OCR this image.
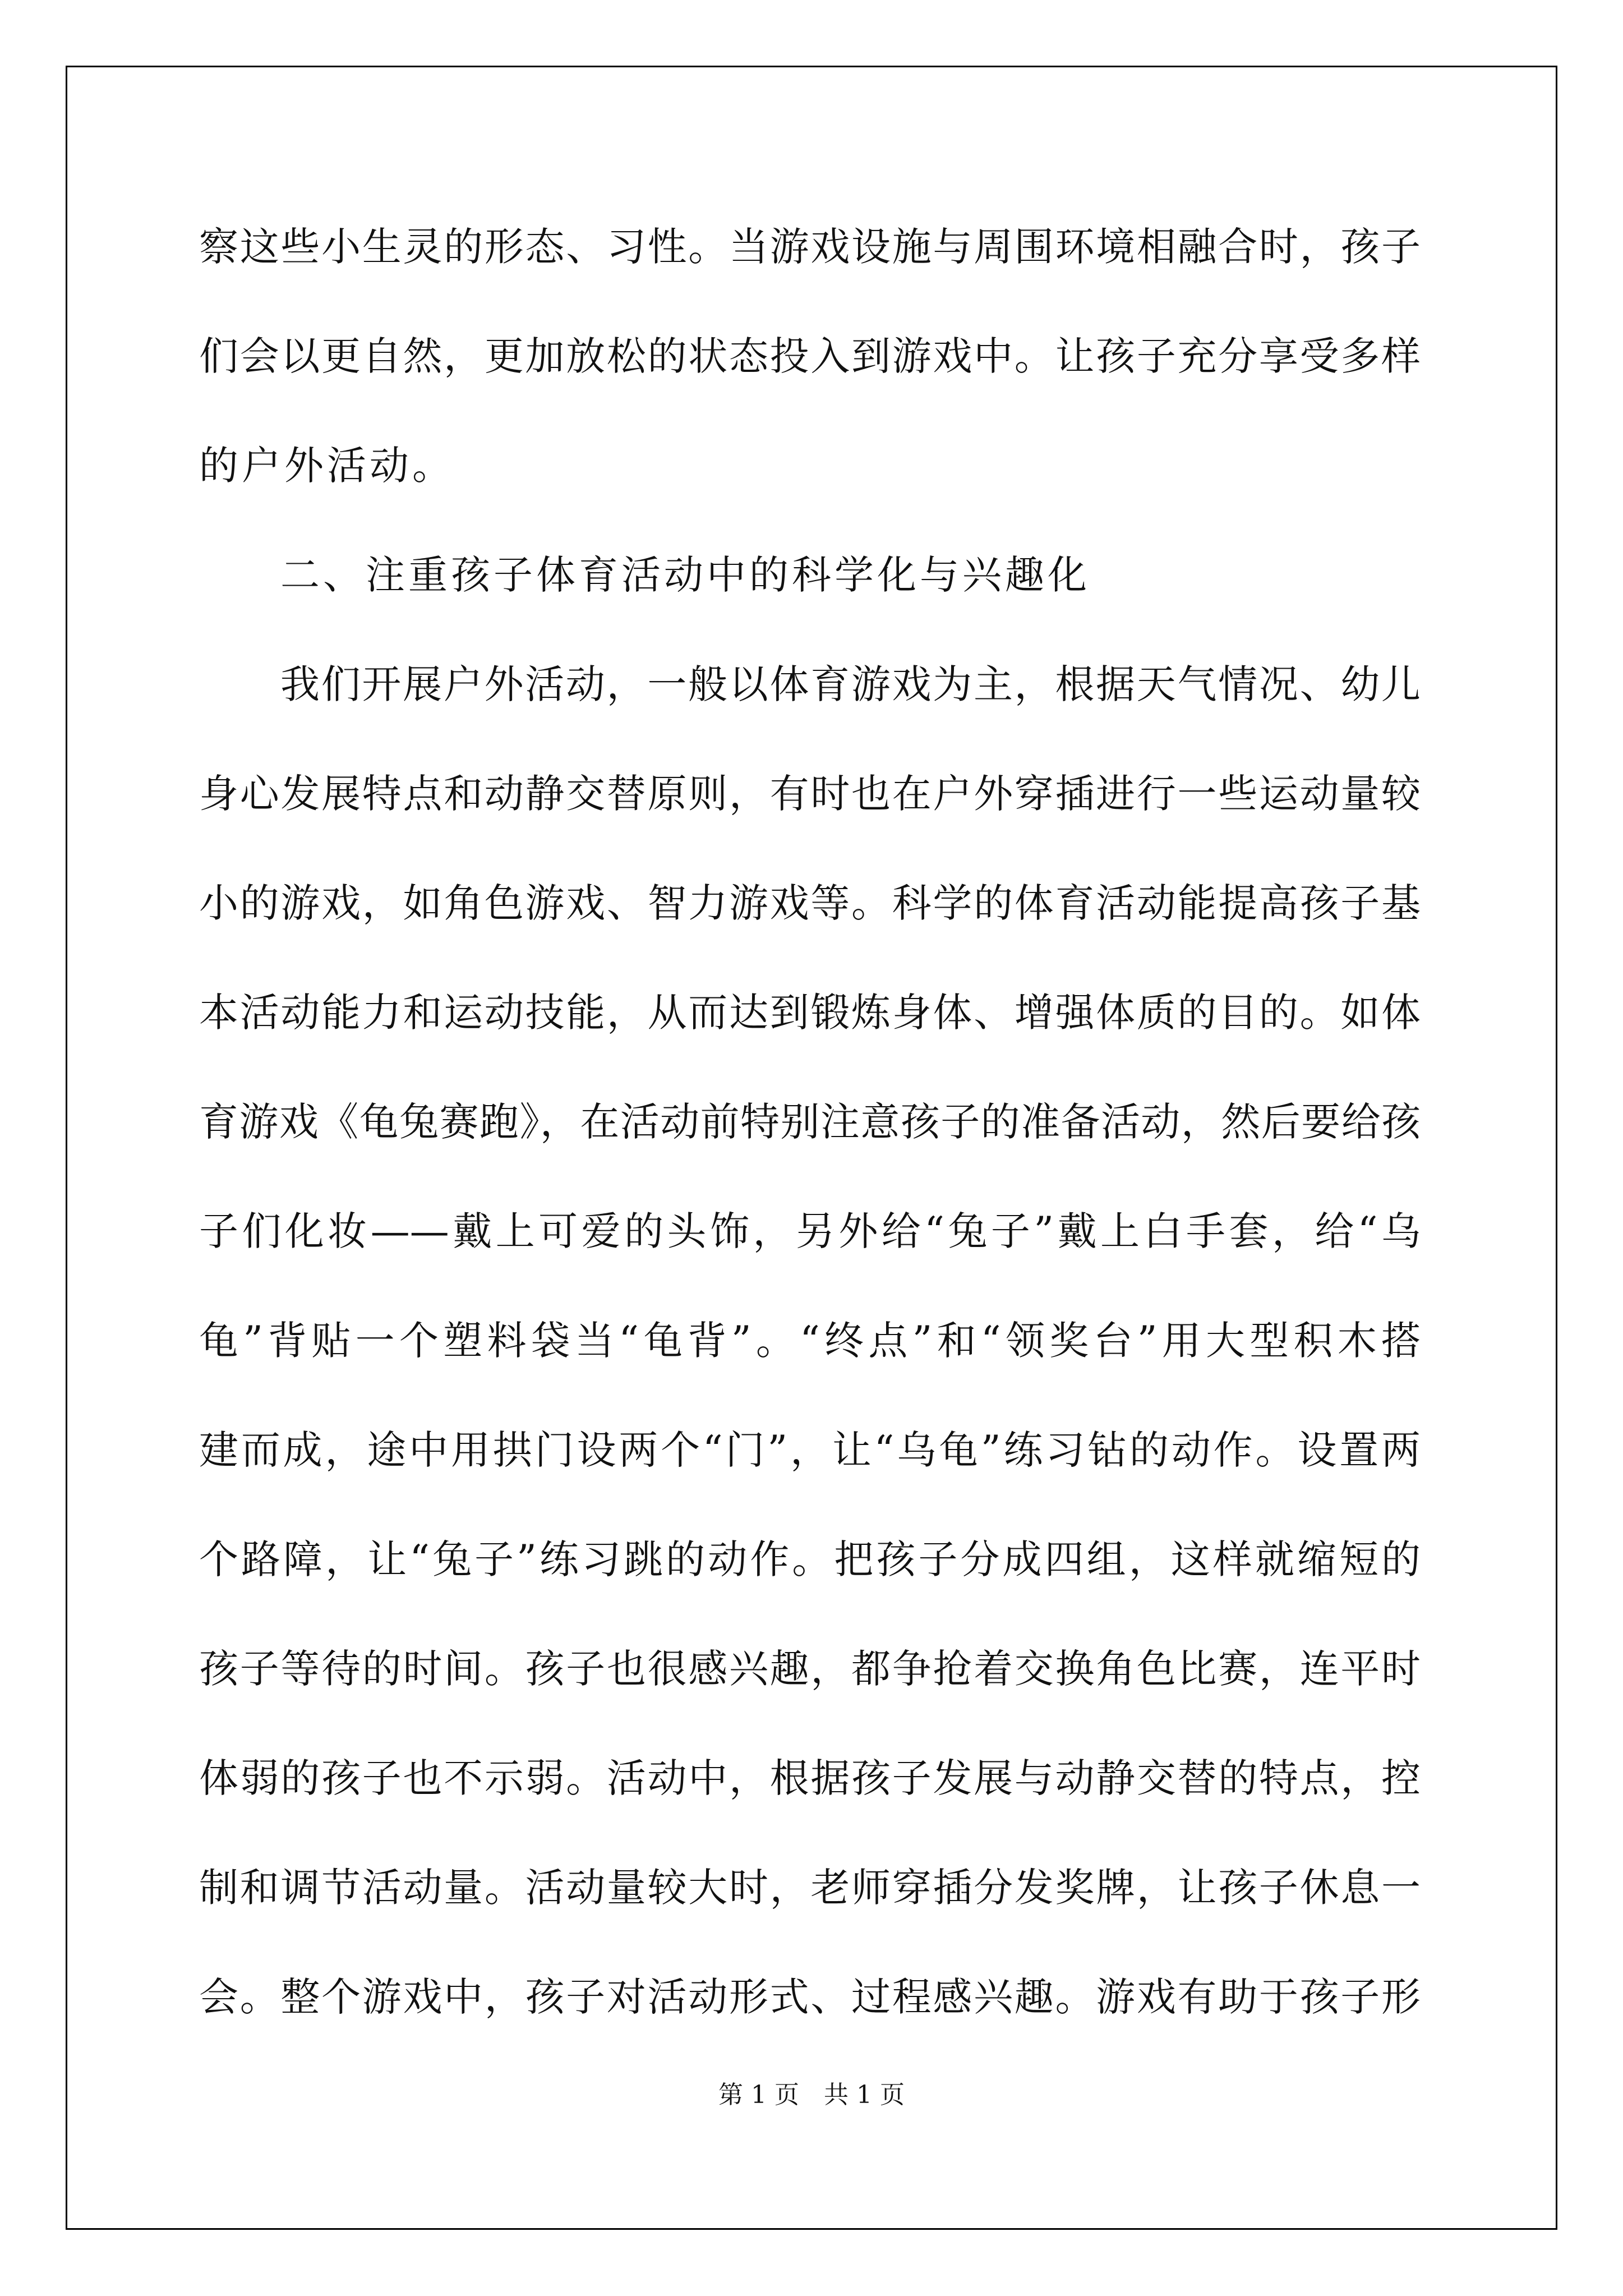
察这些小生灵的形态、习性。当游戏设施与周围环境相融合时，孩子
们会以更自然，更加放松的状态投入到游戏中。让孩子充分享受多样
的户外活动。
二、注重孩子体育活动中的科学化与兴趣化
我们开展户外活动，一般以体育游戏为主，根据天气情况、幼儿
身心发展特点和动静交替原则，有时也在户外穿插进行一些运动量较
小的游戏，如角色游戏、智力游戏等。科学的体育活动能提高孩子基
本活动能力和运动技能，从而达到锻炼身体、增强体质的目的。如体
育游戏《龟兔赛跑》，在活动前特别注意孩子的准备活动，然后要给孩
子们化妆——戴上可爱的头饰，另外给“兔子”戴上白手套，给“乌
龟”背贴一个塑料袋当“龟背”。“终点”和“领奖台”用大型积木搭
建而成，途中用拱门设两个“门”，让“乌龟”练习钻的动作。设置两
个路障，让“兔子”练习跳的动作。把孩子分成四组，这样就缩短的
孩子等待的时间。孩子也很感兴趣，都争抢着交换角色比赛，连平时
体弱的孩子也不示弱。活动中，根据孩子发展与动静交替的特点，控
制和调节活动量。活动量较大时，老师穿插分发奖牌，让孩子休息一
会。整个游戏中，孩子对活动形式、过程感兴趣。游戏有助于孩子形
第 1 页　共 1 页
